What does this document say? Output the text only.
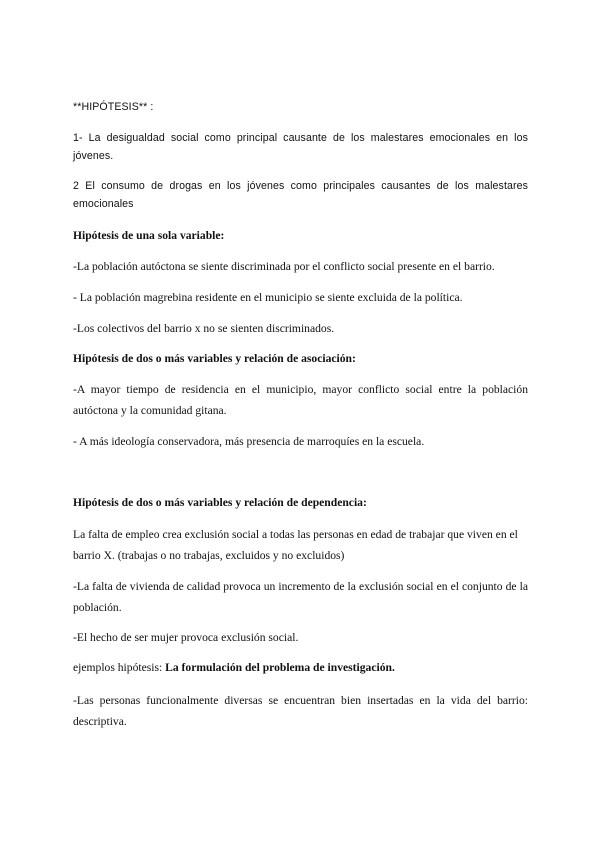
**HIPÓTESIS** :

1- La desigualdad social como principal causante de los malestares emocionales en los jóvenes.

2 El consumo de drogas en los jóvenes como principales causantes de los malestares emocionales

Hipótesis de una sola variable:

-La población autóctona se siente discriminada por el conflicto social presente en el barrio.

- La población magrebina residente en el municipio se siente excluida de la política.

-Los colectivos del barrio x no se sienten discriminados.

Hipótesis de dos o más variables y relación de asociación:

-A mayor tiempo de residencia en el municipio, mayor conflicto social entre la población autóctona y la comunidad gitana.

- A más ideología conservadora, más presencia de marroquíes en la escuela.

Hipótesis de dos o más variables y relación de dependencia:

La falta de empleo crea exclusión social a todas las personas en edad de trabajar que viven en el barrio X. (trabajas o no trabajas, excluidos y no excluidos)

-La falta de vivienda de calidad provoca un incremento de la exclusión social en el conjunto de la población.

-El hecho de ser mujer provoca exclusión social.

ejemplos hipótesis: La formulación del problema de investigación.

-Las personas funcionalmente diversas se encuentran bien insertadas en la vida del barrio: descriptiva.
